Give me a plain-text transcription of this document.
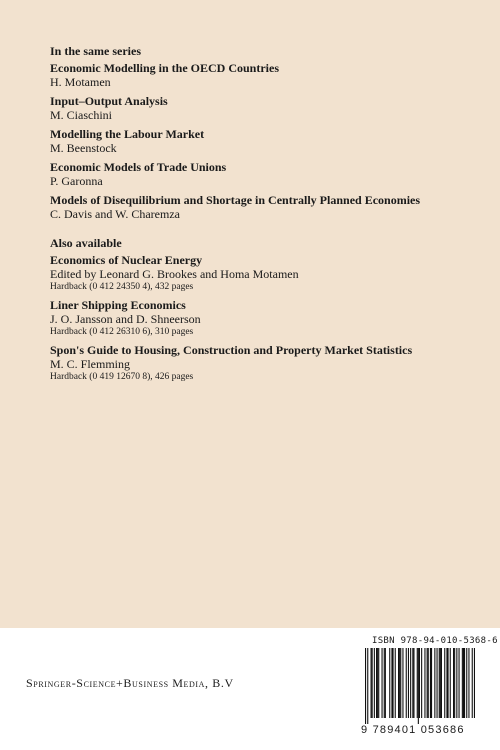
In the same series
Economic Modelling in the OECD Countries
H. Motamen
Input–Output Analysis
M. Ciaschini
Modelling the Labour Market
M. Beenstock
Economic Models of Trade Unions
P. Garonna
Models of Disequilibrium and Shortage in Centrally Planned Economies
C. Davis and W. Charemza
Also available
Economics of Nuclear Energy
Edited by Leonard G. Brookes and Homa Motamen
Hardback (0 412 24350 4), 432 pages
Liner Shipping Economics
J. O. Jansson and D. Shneerson
Hardback (0 412 26310 6), 310 pages
Spon's Guide to Housing, Construction and Property Market Statistics
M. C. Flemming
Hardback (0 419 12670 8), 426 pages
Springer-Science+Business Media, B.V
ISBN 978-94-010-5368-6
9 789401 053686
